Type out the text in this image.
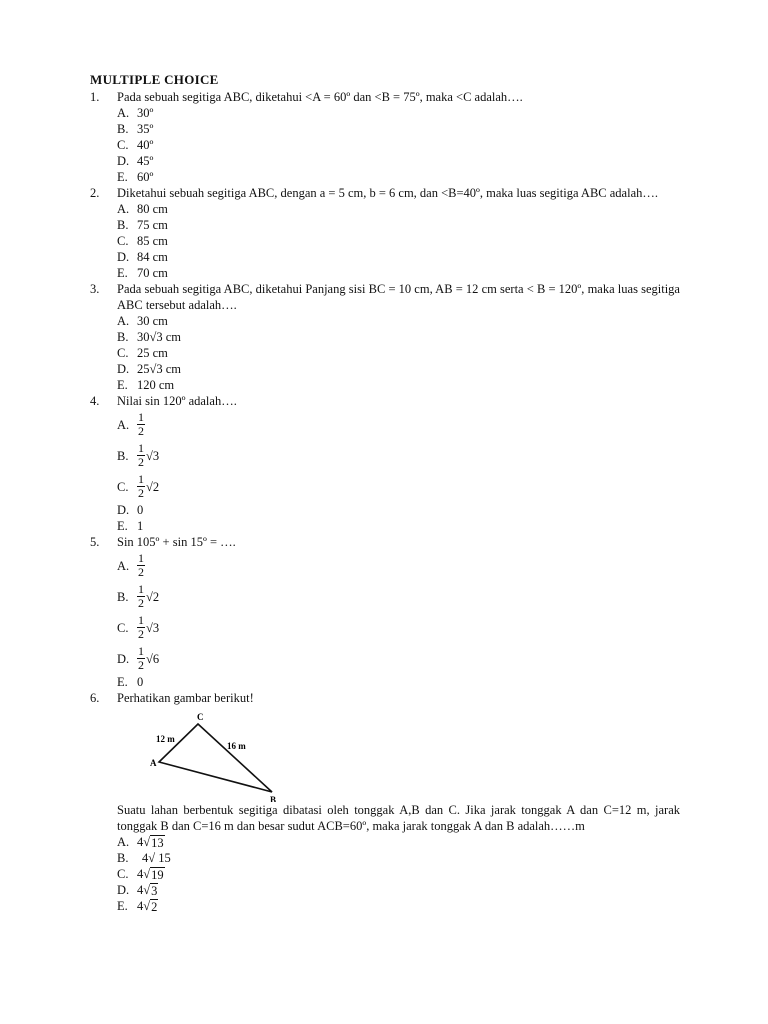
MULTIPLE CHOICE
1.	Pada sebuah segitiga ABC, diketahui <A = 60º dan <B = 75º, maka <C adalah….
A. 30º
B. 35º
C. 40º
D. 45º
E. 60º
2.	Diketahui sebuah segitiga ABC, dengan a = 5 cm, b = 6 cm, dan <B=40º, maka luas segitiga ABC adalah….
A. 80 cm
B. 75 cm
C. 85 cm
D. 84 cm
E. 70 cm
3.	Pada sebuah segitiga ABC, diketahui Panjang sisi BC = 10 cm, AB = 12 cm serta < B = 120º, maka luas segitiga ABC tersebut adalah….
A. 30 cm
B. 30√3 cm
C. 25 cm
D. 25√3 cm
E. 120 cm
4.	Nilai sin 120º adalah….
A. $\frac{1}{2}$
B. $\frac{1}{2} √3$
C. $\frac{1}{2} √2$
D. 0
E. 1
5.	Sin 105º + sin 15º = ….
A. $\frac{1}{2}$
B. $\frac{1}{2} √2$
C. $\frac{1}{2} √3$
D. $\frac{1}{2} √6$
E. 0
6.	Perhatikan gambar berikut!
C
A
B
12 m
16 m
Suatu lahan berbentuk segitiga dibatasi oleh tonggak A,B dan C. Jika jarak tonggak A dan C=12 m, jarak tonggak B dan C=16 m dan besar sudut ACB=60º, maka jarak tonggak A dan B adalah……m
A. 4 √ 13
B.	4√ 15
C. 4 √ 19
D. 4 √ 3
E. 4 √ 2
